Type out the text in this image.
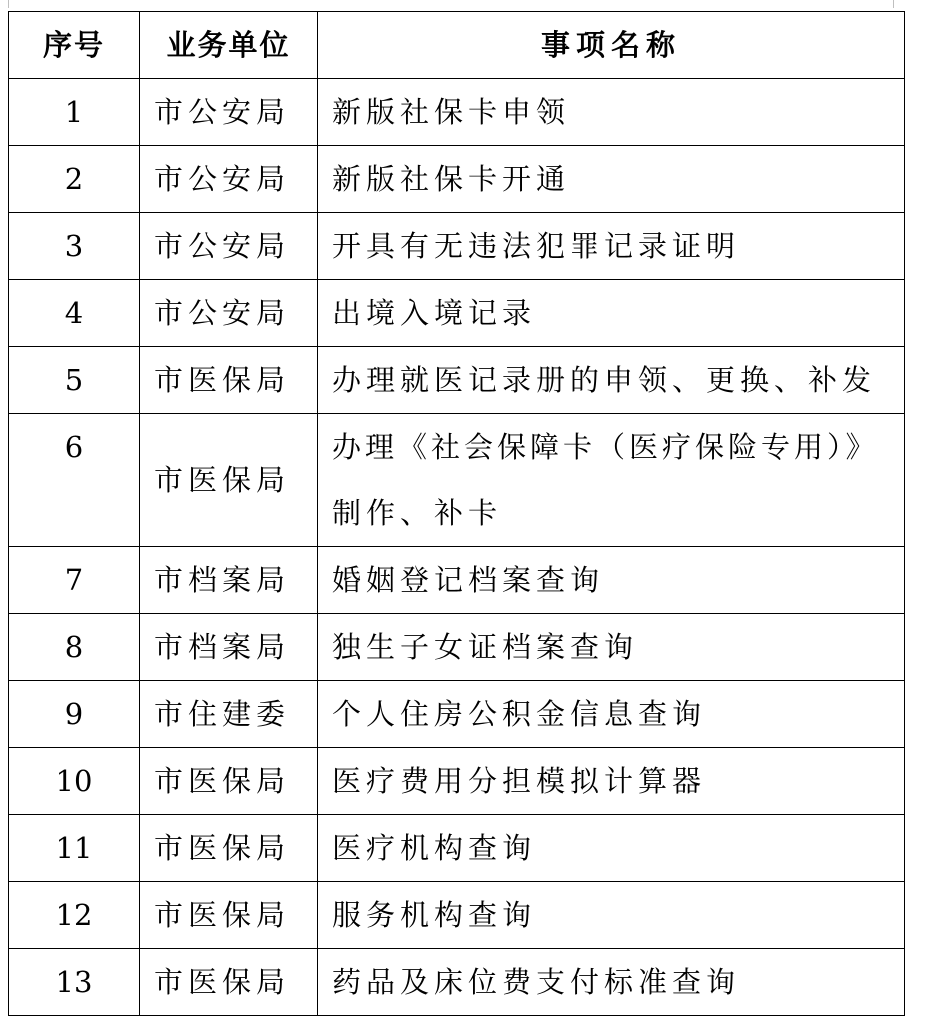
序号	业务单位	事项名称
1	市公安局	新版社保卡申领
2	市公安局	新版社保卡开通
3	市公安局	开具有无违法犯罪记录证明
4	市公安局	出境入境记录
5	市医保局	办理就医记录册的申领、更换、补发
6	市医保局	办理《社会保障卡（医疗保险专用）》
制作、补卡

7	市档案局	婚姻登记档案查询
8	市档案局	独生子女证档案查询
9	市住建委	个人住房公积金信息查询
10	市医保局	医疗费用分担模拟计算器
11	市医保局	医疗机构查询
12	市医保局	服务机构查询
13	市医保局	药品及床位费支付标准查询
